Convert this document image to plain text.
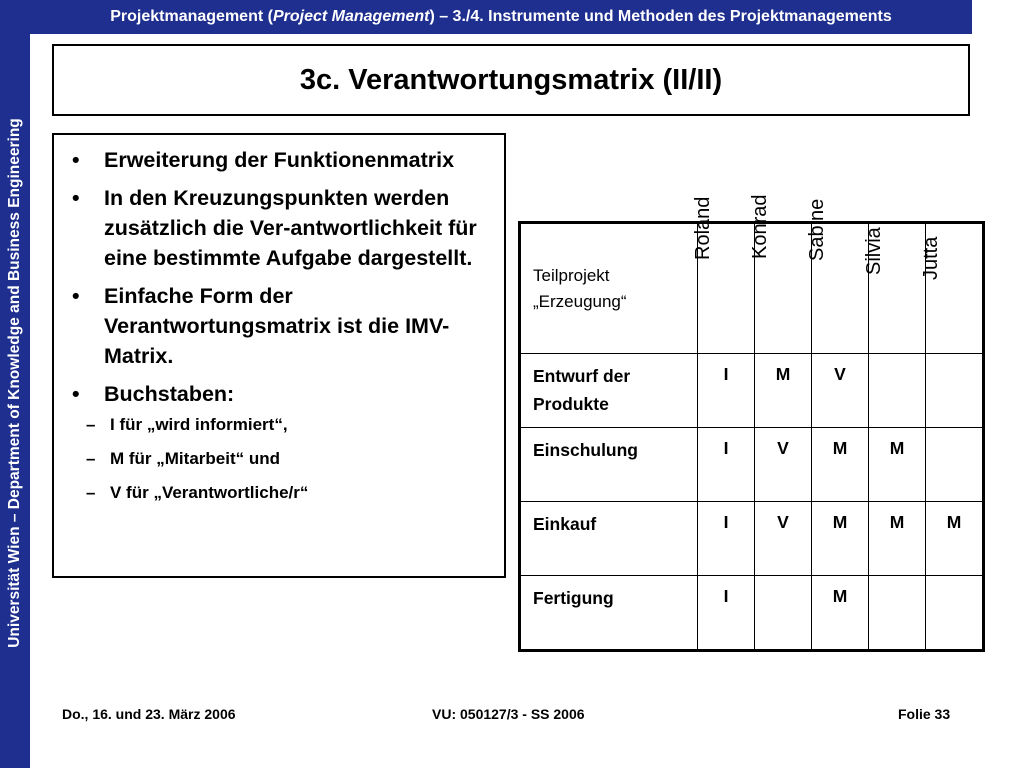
Universität Wien – Department of Knowledge and Business Engineering
Projektmanagement (Project Management) – 3./4. Instrumente und Methoden des Projektmanagements
3c. Verantwortungsmatrix (II/II)
• Erweiterung der Funktionenmatrix
• In den Kreuzungspunkten werden zusätzlich die Ver-antwortlichkeit für eine bestimmte Aufgabe dargestellt.
• Einfache Form der Verantwortungsmatrix ist die IMV-Matrix.
• Buchstaben:
– I für „wird informiert“,
– M für „Mitarbeit“ und
– V für „Verantwortliche/r“
Teilprojekt
„Erzeugung“	Roland	Konrad	Sabine	Silvia	Jutta

Entwurf der
Produkte	I	M	V		
Einschulung	I	V	M	M	
Einkauf	I	V	M	M	M
Fertigung	I		M		
Do., 16. und 23. März 2006	VU: 050127/3 - SS 2006	Folie 33
